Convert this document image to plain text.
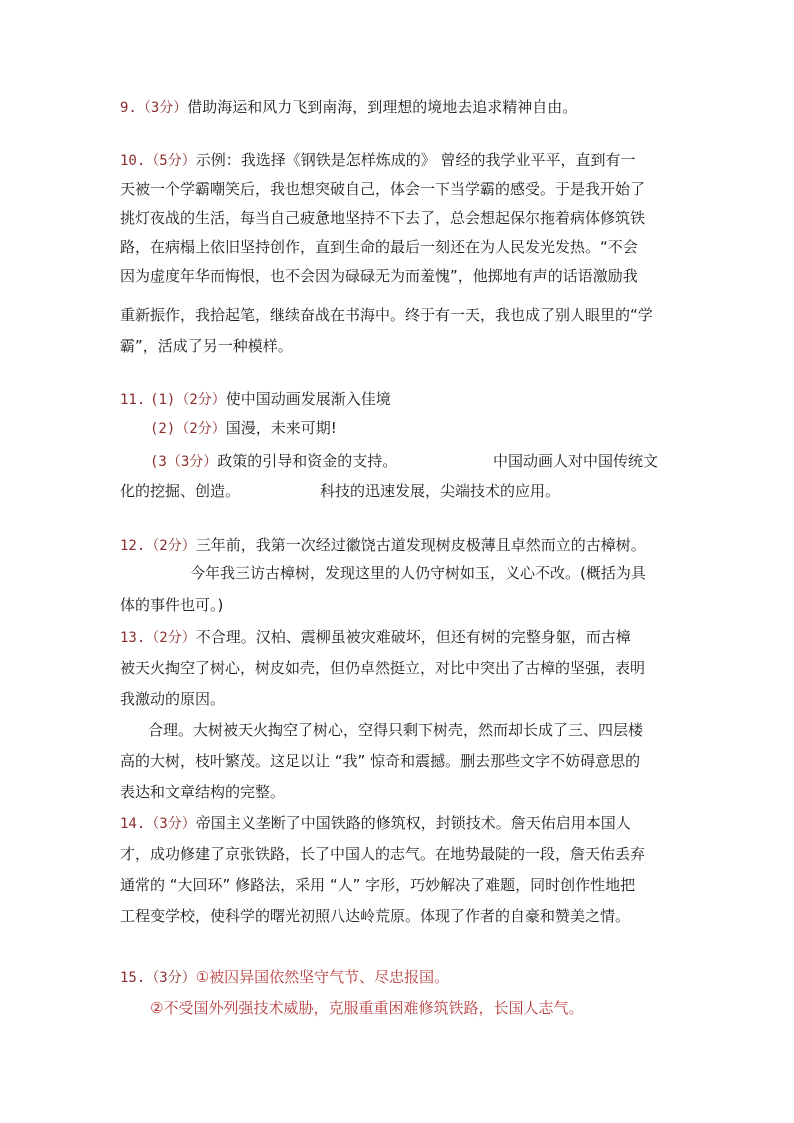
9.（3分）借助海运和风力飞到南海，到理想的境地去追求精神自由。
10.（5分）示例：我选择《钢铁是怎样炼成的》 曾经的我学业平平，直到有一
天被一个学霸嘲笑后，我也想突破自己，体会一下当学霸的感受。于是我开始了
挑灯夜战的生活，每当自己疲惫地坚持不下去了，总会想起保尔拖着病体修筑铁
路，在病榻上依旧坚持创作，直到生命的最后一刻还在为人民发光发热。“不会
因为虚度年华而悔恨，也不会因为碌碌无为而羞愧”，他掷地有声的话语激励我
重新振作，我拾起笔，继续奋战在书海中。终于有一天，我也成了别人眼里的“学
霸”，活成了另一种模样。
11. (1)（2分）使中国动画发展渐入佳境
(2)（2分）国漫，未来可期!
(3（3分）政策的引导和资金的支持。	中国动画人对中国传统文
化的挖掘、创造。	科技的迅速发展，尖端技术的应用。
12.（2分）三年前，我第一次经过徽饶古道发现树皮极薄且卓然而立的古樟树。
今年我三访古樟树，发现这里的人仍守树如玉，义心不改。(概括为具
体的事件也可。)
13.（2分）不合理。汉柏、震柳虽被灾难破坏，但还有树的完整身躯，而古樟
被天火掏空了树心，树皮如壳，但仍卓然挺立，对比中突出了古樟的坚强，表明
我激动的原因。
合理。大树被天火掏空了树心，空得只剩下树壳，然而却长成了三、四层楼
高的大树，枝叶繁茂。这足以让 “我” 惊奇和震撼。删去那些文字不妨碍意思的
表达和文章结构的完整。
14.（3分）帝国主义垄断了中国铁路的修筑权，封锁技术。詹天佑启用本国人
才，成功修建了京张铁路，长了中国人的志气。在地势最陡的一段，詹天佑丢弃
通常的 “大回环” 修路法，采用 “人” 字形，巧妙解决了难题，同时创作性地把
工程变学校，使科学的曙光初照八达岭荒原。体现了作者的自豪和赞美之情。
15.（3分）①被囚异国依然坚守气节、尽忠报国。
②不受国外列强技术威胁，克服重重困难修筑铁路，长国人志气。
